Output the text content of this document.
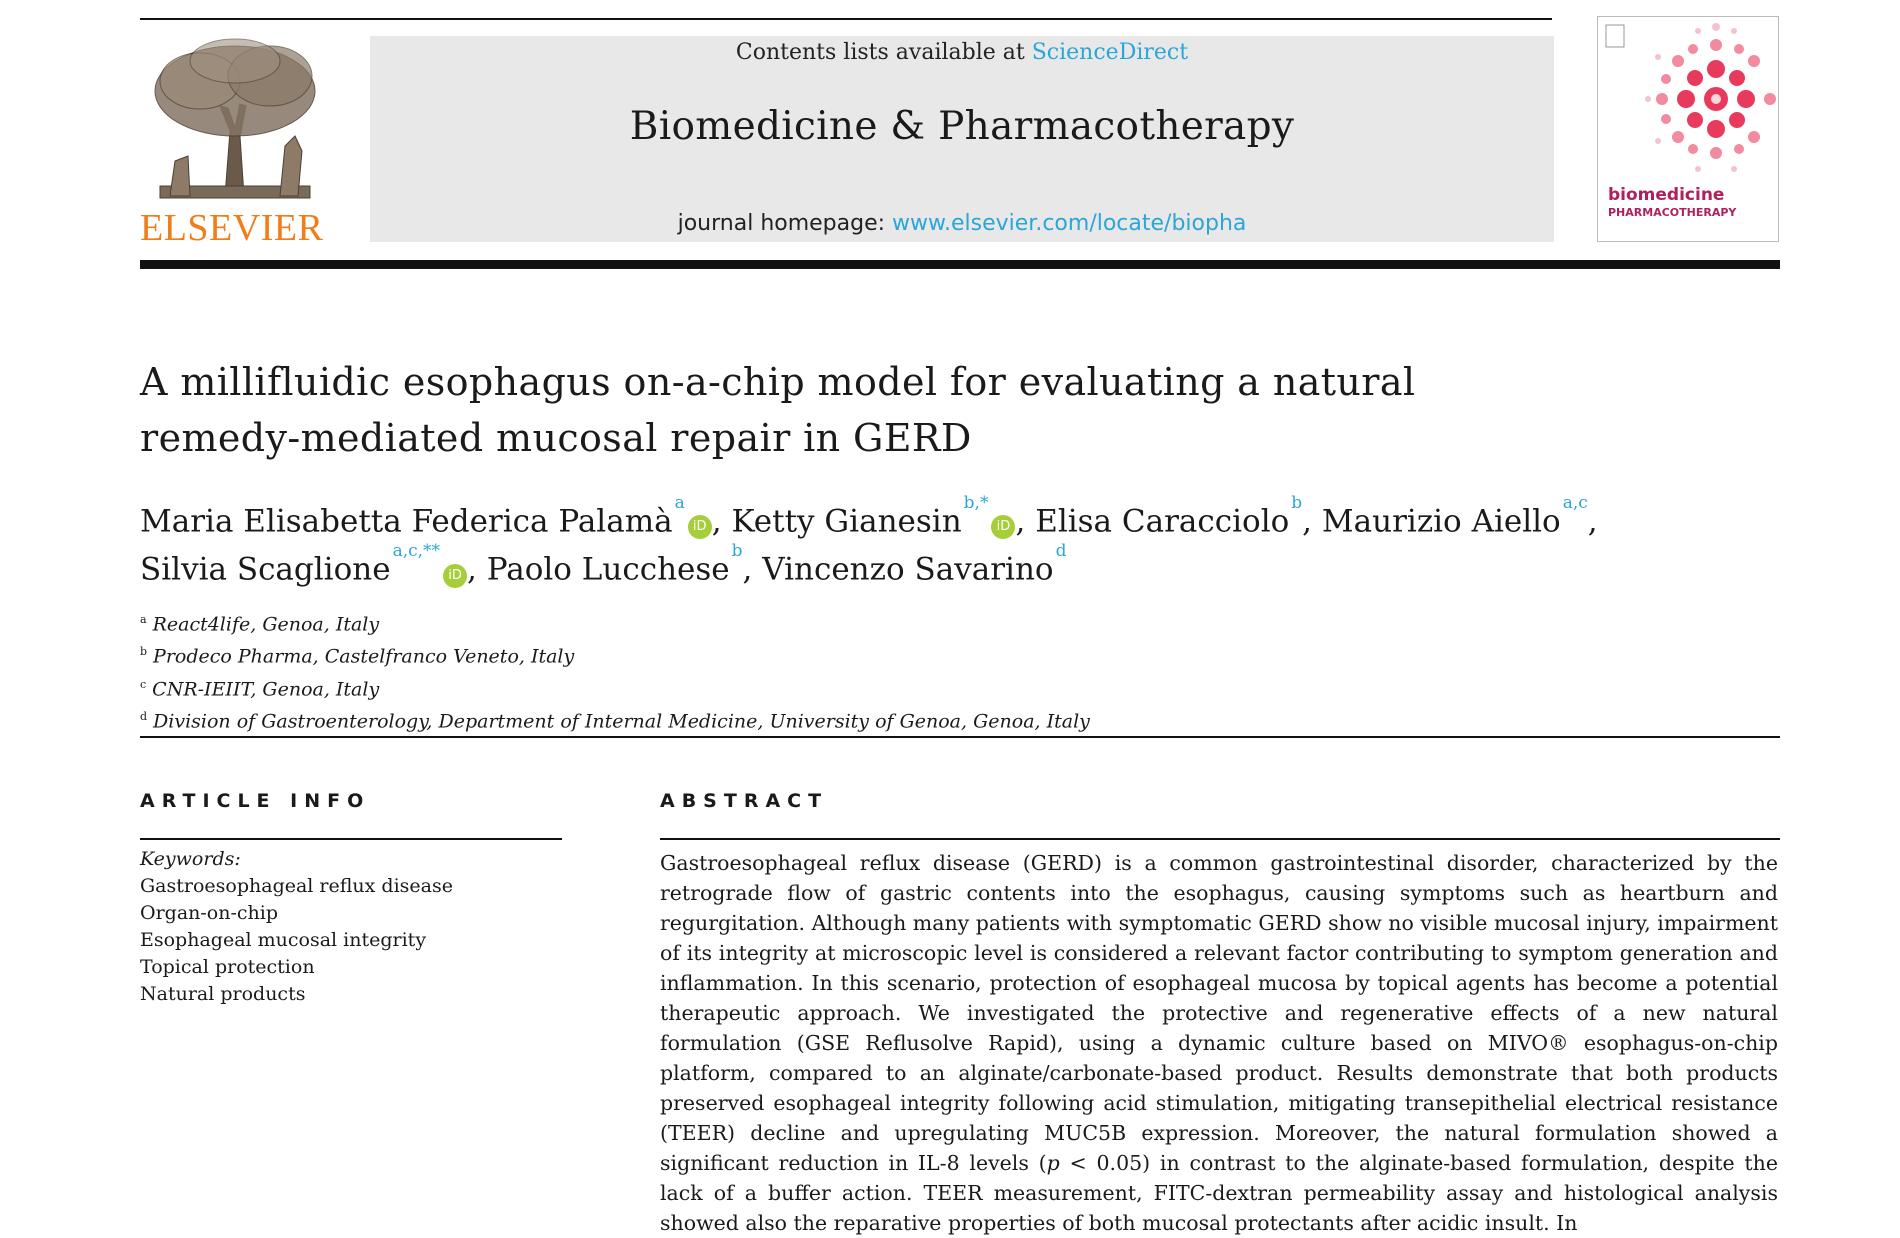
ELSEVIER
Contents lists available at ScienceDirect
Biomedicine & Pharmacotherapy
journal homepage: www.elsevier.com/locate/biopha
biomedicine
PHARMACOTHERAPY
A millifluidic esophagus on-a-chip model for evaluating a natural
remedy-mediated mucosal repair in GERD
Maria Elisabetta Federica Palamà$^a$iD , Ketty Gianesin$^{b,*}$iD , Elisa Caracciolo$^b$, Maurizio Aiello$^{a,c}$,
Silvia Scaglione$^{a,c,**}$iD , Paolo Lucchese$^b$, Vincenzo Savarino$^d$
$^a$ React4life, Genoa, Italy
$^b$ Prodeco Pharma, Castelfranco Veneto, Italy
$^c$ CNR-IEIIT, Genoa, Italy
$^d$ Division of Gastroenterology, Department of Internal Medicine, University of Genoa, Genoa, Italy
ARTICLE INFO
Keywords:
Gastroesophageal reflux disease
Organ-on-chip
Esophageal mucosal integrity
Topical protection
Natural products
ABSTRACT
Gastroesophageal reflux disease (GERD) is a common gastrointestinal disorder, characterized by the retrograde flow of gastric contents into the esophagus, causing symptoms such as heartburn and regurgitation. Although many patients with symptomatic GERD show no visible mucosal injury, impairment of its integrity at microscopic level is considered a relevant factor contributing to symptom generation and inflammation. In this scenario, protection of esophageal mucosa by topical agents has become a potential therapeutic approach. We investigated the protective and regenerative effects of a new natural formulation (GSE Reflusolve Rapid), using a dynamic culture based on MIVO® esophagus-on-chip platform, compared to an alginate/carbonate-based product. Results demonstrate that both products preserved esophageal integrity following acid stimulation, mitigating transepithelial electrical resistance (TEER) decline and upregulating MUC5B expression. Moreover, the natural formulation showed a significant reduction in IL-8 levels (p < 0.05) in contrast to the alginate-based formulation, despite the lack of a buffer action. TEER measurement, FITC-dextran permeability assay and histological analysis showed also the reparative properties of both mucosal protectants after acidic insult. In
